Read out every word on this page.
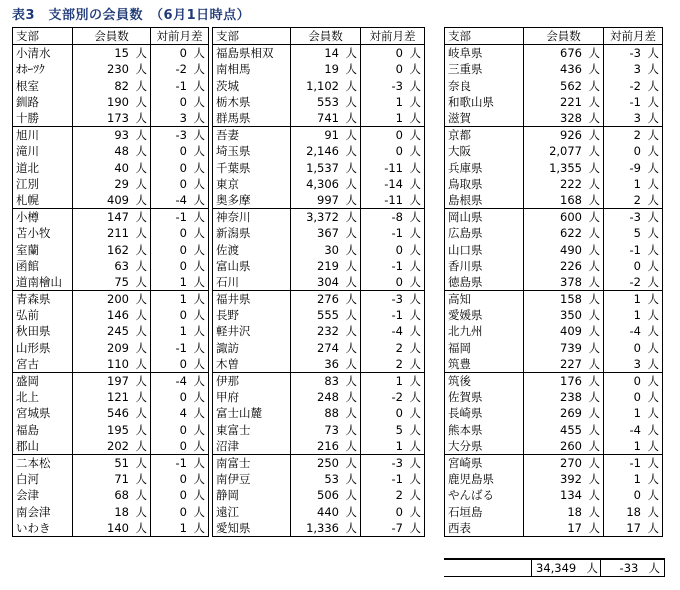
表3　支部別の会員数　（6月1日時点）
支部	会員数	対前月差
小清水	15 人	0 人
ｵﾎｰﾂｸ	230 人	-2 人
根室	82 人	-1 人
釧路	190 人	0 人
十勝	173 人	3 人
旭川	93 人	-3 人
滝川	48 人	0 人
道北	40 人	0 人
江別	29 人	0 人
札幌	409 人	-4 人
小樽	147 人	-1 人
苫小牧	211 人	0 人
室蘭	162 人	0 人
函館	63 人	0 人
道南檜山	75 人	1 人
青森県	200 人	1 人
弘前	146 人	0 人
秋田県	245 人	1 人
山形県	209 人	-1 人
宮古	110 人	0 人
盛岡	197 人	-4 人
北上	121 人	0 人
宮城県	546 人	4 人
福島	195 人	0 人
郡山	202 人	0 人
二本松	51 人	-1 人
白河	71 人	0 人
会津	68 人	0 人
南会津	18 人	0 人
いわき	140 人	1 人
支部	会員数	対前月差
福島県相双	14 人	0 人
南相馬	19 人	0 人
茨城	1,102 人	-3 人
栃木県	553 人	1 人
群馬県	741 人	1 人
吾妻	91 人	0 人
埼玉県	2,146 人	0 人
千葉県	1,537 人	-11 人
東京	4,306 人	-14 人
奥多摩	997 人	-11 人
神奈川	3,372 人	-8 人
新潟県	367 人	-1 人
佐渡	30 人	0 人
富山県	219 人	-1 人
石川	304 人	0 人
福井県	276 人	-3 人
長野	555 人	-1 人
軽井沢	232 人	-4 人
諏訪	274 人	2 人
木曽	36 人	2 人
伊那	83 人	1 人
甲府	248 人	-2 人
富士山麓	88 人	0 人
東富士	73 人	5 人
沼津	216 人	1 人
南富士	250 人	-3 人
南伊豆	53 人	-1 人
静岡	506 人	2 人
遠江	440 人	0 人
愛知県	1,336 人	-7 人
支部	会員数	対前月差
岐阜県	676 人	-3 人
三重県	436 人	3 人
奈良	562 人	-2 人
和歌山県	221 人	-1 人
滋賀	328 人	3 人
京都	926 人	2 人
大阪	2,077 人	0 人
兵庫県	1,355 人	-9 人
鳥取県	222 人	1 人
島根県	168 人	2 人
岡山県	600 人	-3 人
広島県	622 人	5 人
山口県	490 人	-1 人
香川県	226 人	0 人
徳島県	378 人	-2 人
高知	158 人	1 人
愛媛県	350 人	1 人
北九州	409 人	-4 人
福岡	739 人	0 人
筑豊	227 人	3 人
筑後	176 人	0 人
佐賀県	238 人	0 人
長崎県	269 人	1 人
熊本県	455 人	-4 人
大分県	260 人	1 人
宮崎県	270 人	-1 人
鹿児島県	392 人	1 人
やんばる	134 人	0 人
石垣島	18 人	18 人
西表	17 人	17 人
	34,349 人	-33 人
